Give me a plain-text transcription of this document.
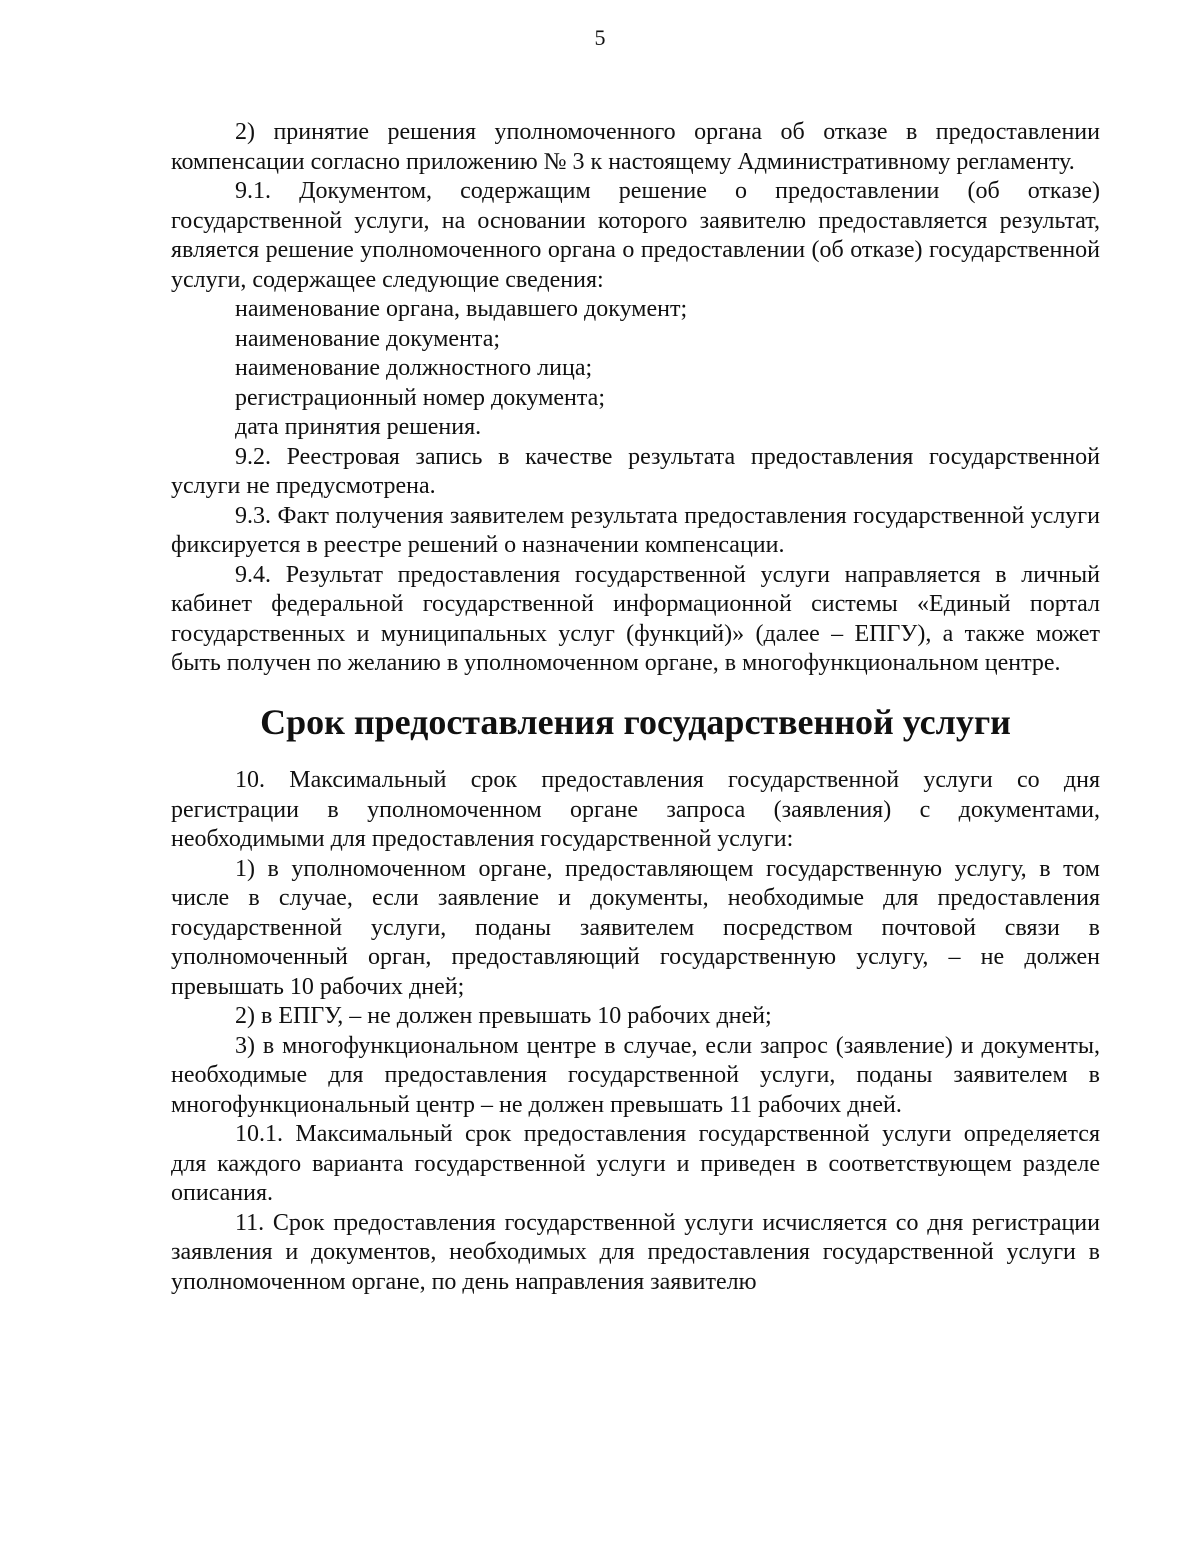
5

2) принятие решения уполномоченного органа об отказе в предоставлении компенсации согласно приложению № 3 к настоящему Административному регламенту.

9.1. Документом, содержащим решение о предоставлении (об отказе) государственной услуги, на основании которого заявителю предоставляется результат, является решение уполномоченного органа о предоставлении (об отказе) государственной услуги, содержащее следующие сведения:

наименование органа, выдавшего документ;

наименование документа;

наименование должностного лица;

регистрационный номер документа;

дата принятия решения.

9.2. Реестровая запись в качестве результата предоставления государственной услуги не предусмотрена.

9.3. Факт получения заявителем результата предоставления государственной услуги фиксируется в реестре решений о назначении компенсации.

9.4. Результат предоставления государственной услуги направляется в личный кабинет федеральной государственной информационной системы «Единый портал государственных и муниципальных услуг (функций)» (далее – ЕПГУ), а также может быть получен по желанию в уполномоченном органе, в многофункциональном центре.

Срок предоставления государственной услуги

10. Максимальный срок предоставления государственной услуги со дня регистрации в уполномоченном органе запроса (заявления) с документами, необходимыми для предоставления государственной услуги:

1) в уполномоченном органе, предоставляющем государственную услугу, в том числе в случае, если заявление и документы, необходимые для предоставления государственной услуги, поданы заявителем посредством почтовой связи в уполномоченный орган, предоставляющий государственную услугу, – не должен превышать 10 рабочих дней;

2) в ЕПГУ, – не должен превышать 10 рабочих дней;

3) в многофункциональном центре в случае, если запрос (заявление) и документы, необходимые для предоставления государственной услуги, поданы заявителем в многофункциональный центр – не должен превышать 11 рабочих дней.

10.1. Максимальный срок предоставления государственной услуги определяется для каждого варианта государственной услуги и приведен в соответствующем разделе описания.

11. Срок предоставления государственной услуги исчисляется со дня регистрации заявления и документов, необходимых для предоставления государственной услуги в уполномоченном органе, по день направления заявителю
